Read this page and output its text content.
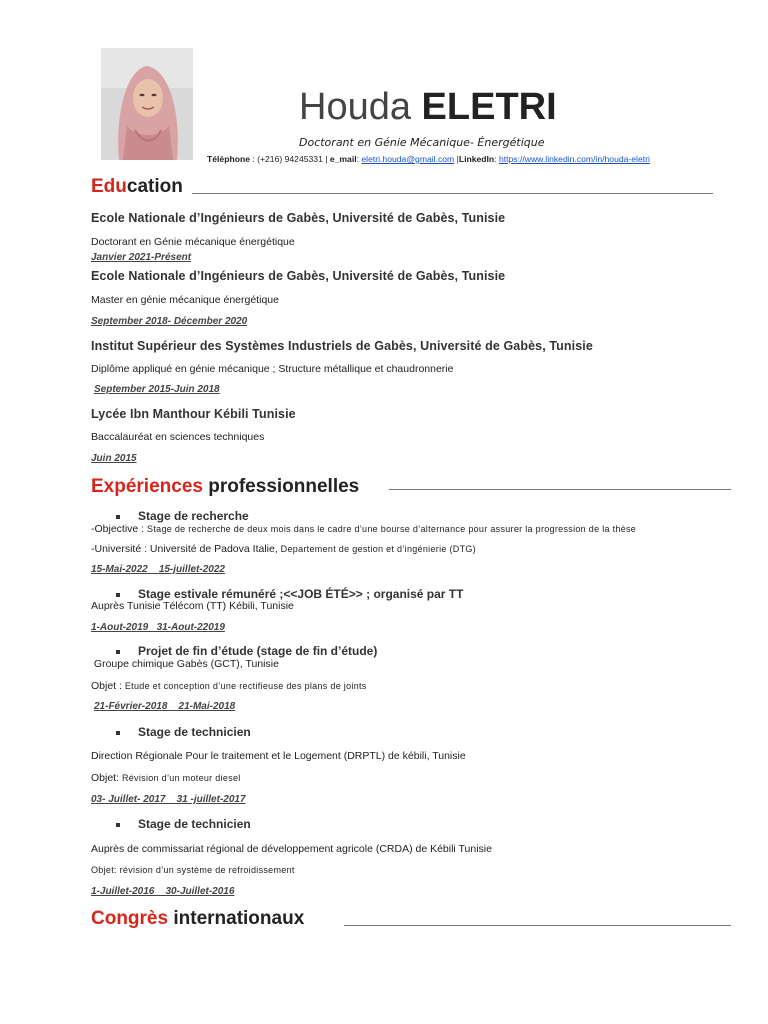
Houda ELETRI
Doctorant en Génie Mécanique- Énergétique
Téléphone : (+216) 94245331 | e_mail: eletri.houda@gmail.com |LinkedIn: https://www.linkedin.com/in/houda-eletri
Education
Ecole Nationale d’Ingénieurs de Gabès, Université de Gabès, Tunisie
Doctorant en Génie mécanique énergétique
Janvier 2021-Présent
Ecole Nationale d’Ingénieurs de Gabès, Université de Gabès, Tunisie
Master en génie mécanique énergétique
September 2018- Décember 2020
Institut Supérieur des Systèmes Industriels de Gabès, Université de Gabès, Tunisie
Diplôme appliqué en génie mécanique ; Structure métallique et chaudronnerie
September 2015-Juin 2018
Lycée Ibn Manthour Kébili Tunisie
Baccalauréat en sciences techniques
Juin 2015
Expériences professionnelles
Stage de recherche
-Objective : Stage de recherche de deux mois dans le cadre d’une bourse d’alternance pour assurer la progression de la thèse
-Université : Université de Padova Italie, Departement de gestion et d’ingénierie (DTG)
15-Mai-2022    15-juillet-2022
Stage estivale rémunéré ;<<JOB ÉTÉ>> ; organisé par TT
Auprès Tunisie Télécom (TT) Kébili, Tunisie
1-Aout-2019   31-Aout-22019
Projet de fin d’étude (stage de fin d’étude)
Groupe chimique Gabès (GCT), Tunisie
Objet : Etude et conception d’une rectifieuse des plans de joints
21-Février-2018__21-Mai-2018
Stage de technicien
Direction Régionale Pour le traitement et le Logement (DRPTL) de kébili, Tunisie
Objet: Révision d’un moteur diesel
03- Juillet- 2017__31 -juillet-2017
Stage de technicien
Auprès de commissariat régional de développement agricole (CRDA) de Kébili Tunisie
Objet: révision d’un système de refroidissement
1-Juillet-2016__30-Juillet-2016
Congrès internationaux
